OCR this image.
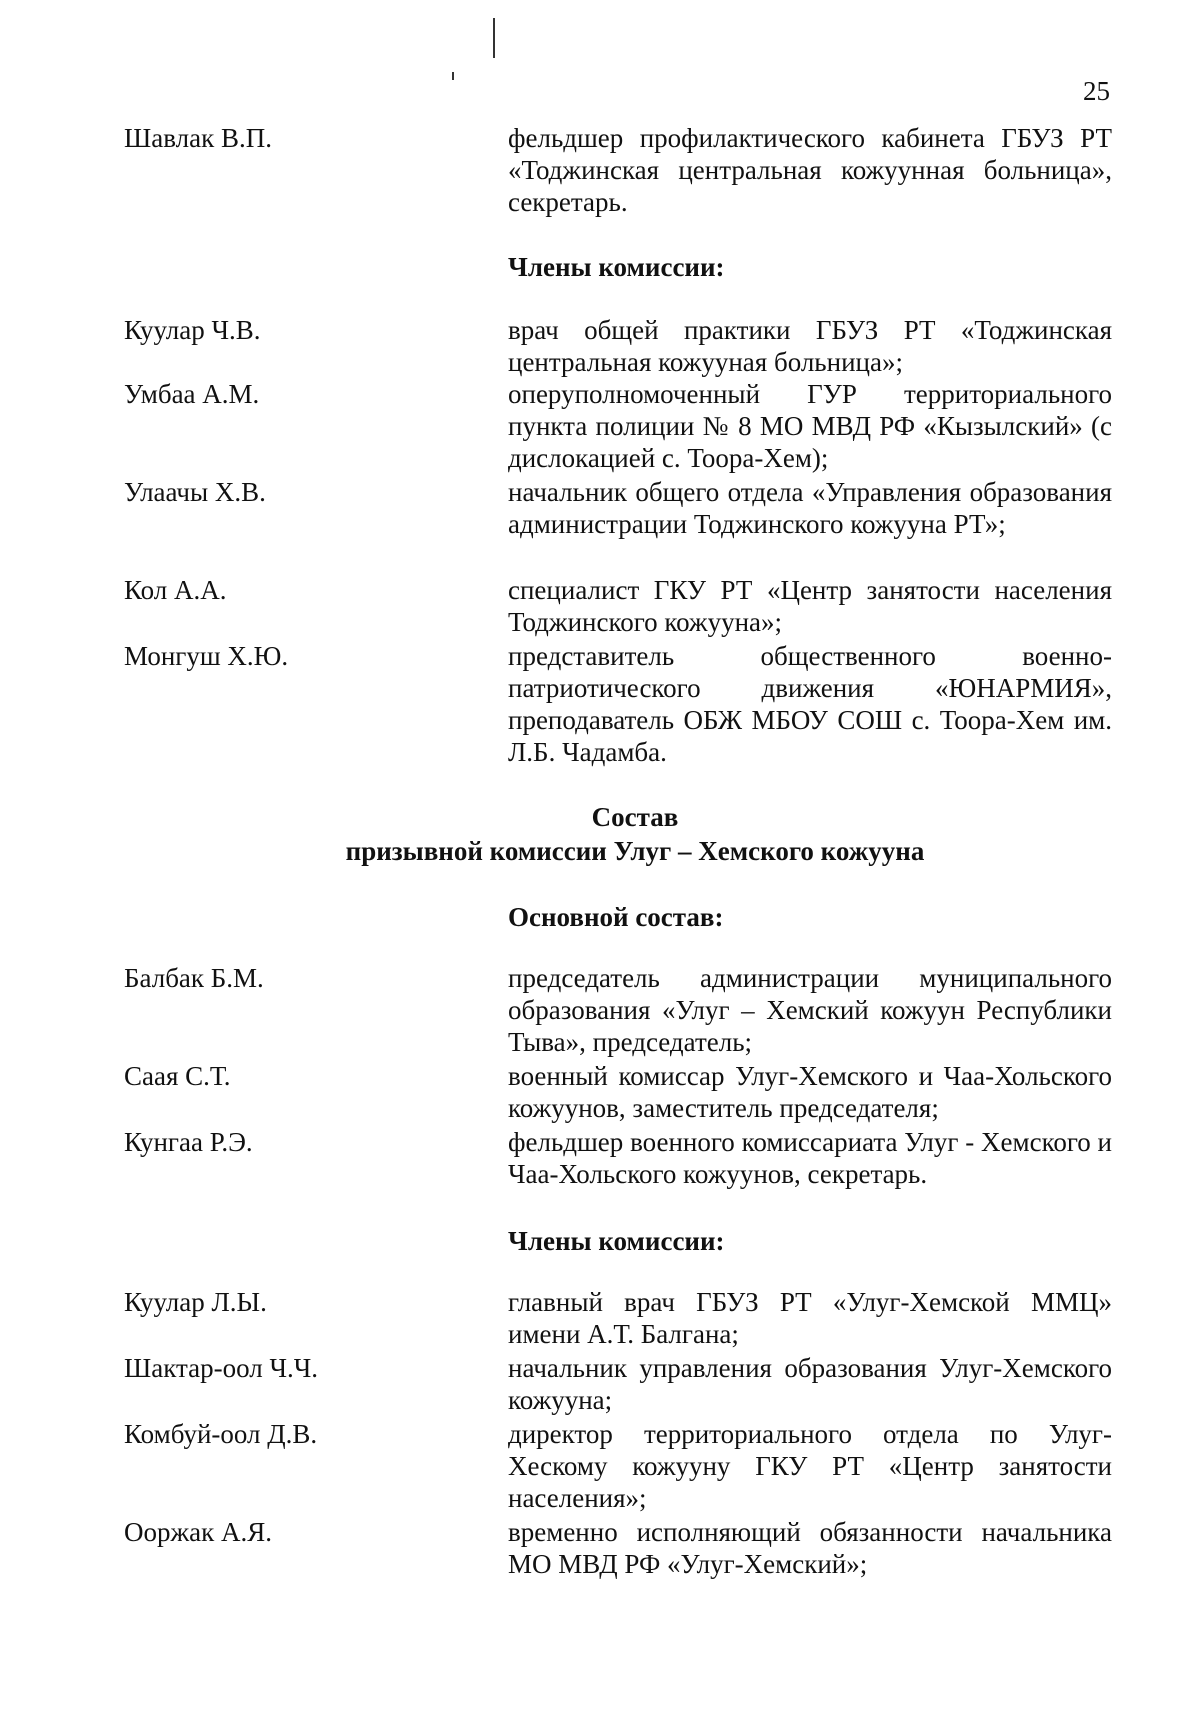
25
Шавлак В.П.	фельдшер профилактического кабинета ГБУЗ РТ «Тоджинская центральная кожуунная больница», секретарь.
Члены комиссии:
Куулар Ч.В.	врач общей практики ГБУЗ РТ «Тоджинская центральная кожууная больница»;
Умбаа А.М.	оперуполномоченный ГУР территориального пункта полиции № 8 МО МВД РФ «Кызылский» (с дислокацией с. Тоора-Хем);
Улаачы Х.В.	начальник общего отдела «Управления образования администрации Тоджинского кожууна РТ»;
Кол А.А.	специалист ГКУ РТ «Центр занятости населения Тоджинского кожууна»;
Монгуш Х.Ю.	представитель общественного военно-патриотического движения «ЮНАРМИЯ», преподаватель ОБЖ МБОУ СОШ с. Тоора-Хем им. Л.Б. Чадамба.
Состав
призывной комиссии Улуг – Хемского кожууна
Основной состав:
Балбак Б.М.	председатель администрации муниципального образования «Улуг – Хемский кожуун Республики Тыва», председатель;
Саая С.Т.	военный комиссар Улуг-Хемского и Чаа-Хольского кожуунов, заместитель председателя;
Кунгаа Р.Э.	фельдшер военного комиссариата Улуг - Хемского и Чаа-Хольского кожуунов, секретарь.
Члены комиссии:
Куулар Л.Ы.	главный врач ГБУЗ РТ «Улуг-Хемской ММЦ» имени А.Т. Балгана;
Шактар-оол Ч.Ч.	начальник управления образования Улуг-Хемского кожууна;
Комбуй-оол Д.В.	директор территориального отдела по Улуг-Хескому кожууну ГКУ РТ «Центр занятости населения»;
Ооржак А.Я.	временно исполняющий обязанности начальника МО МВД РФ «Улуг-Хемский»;
